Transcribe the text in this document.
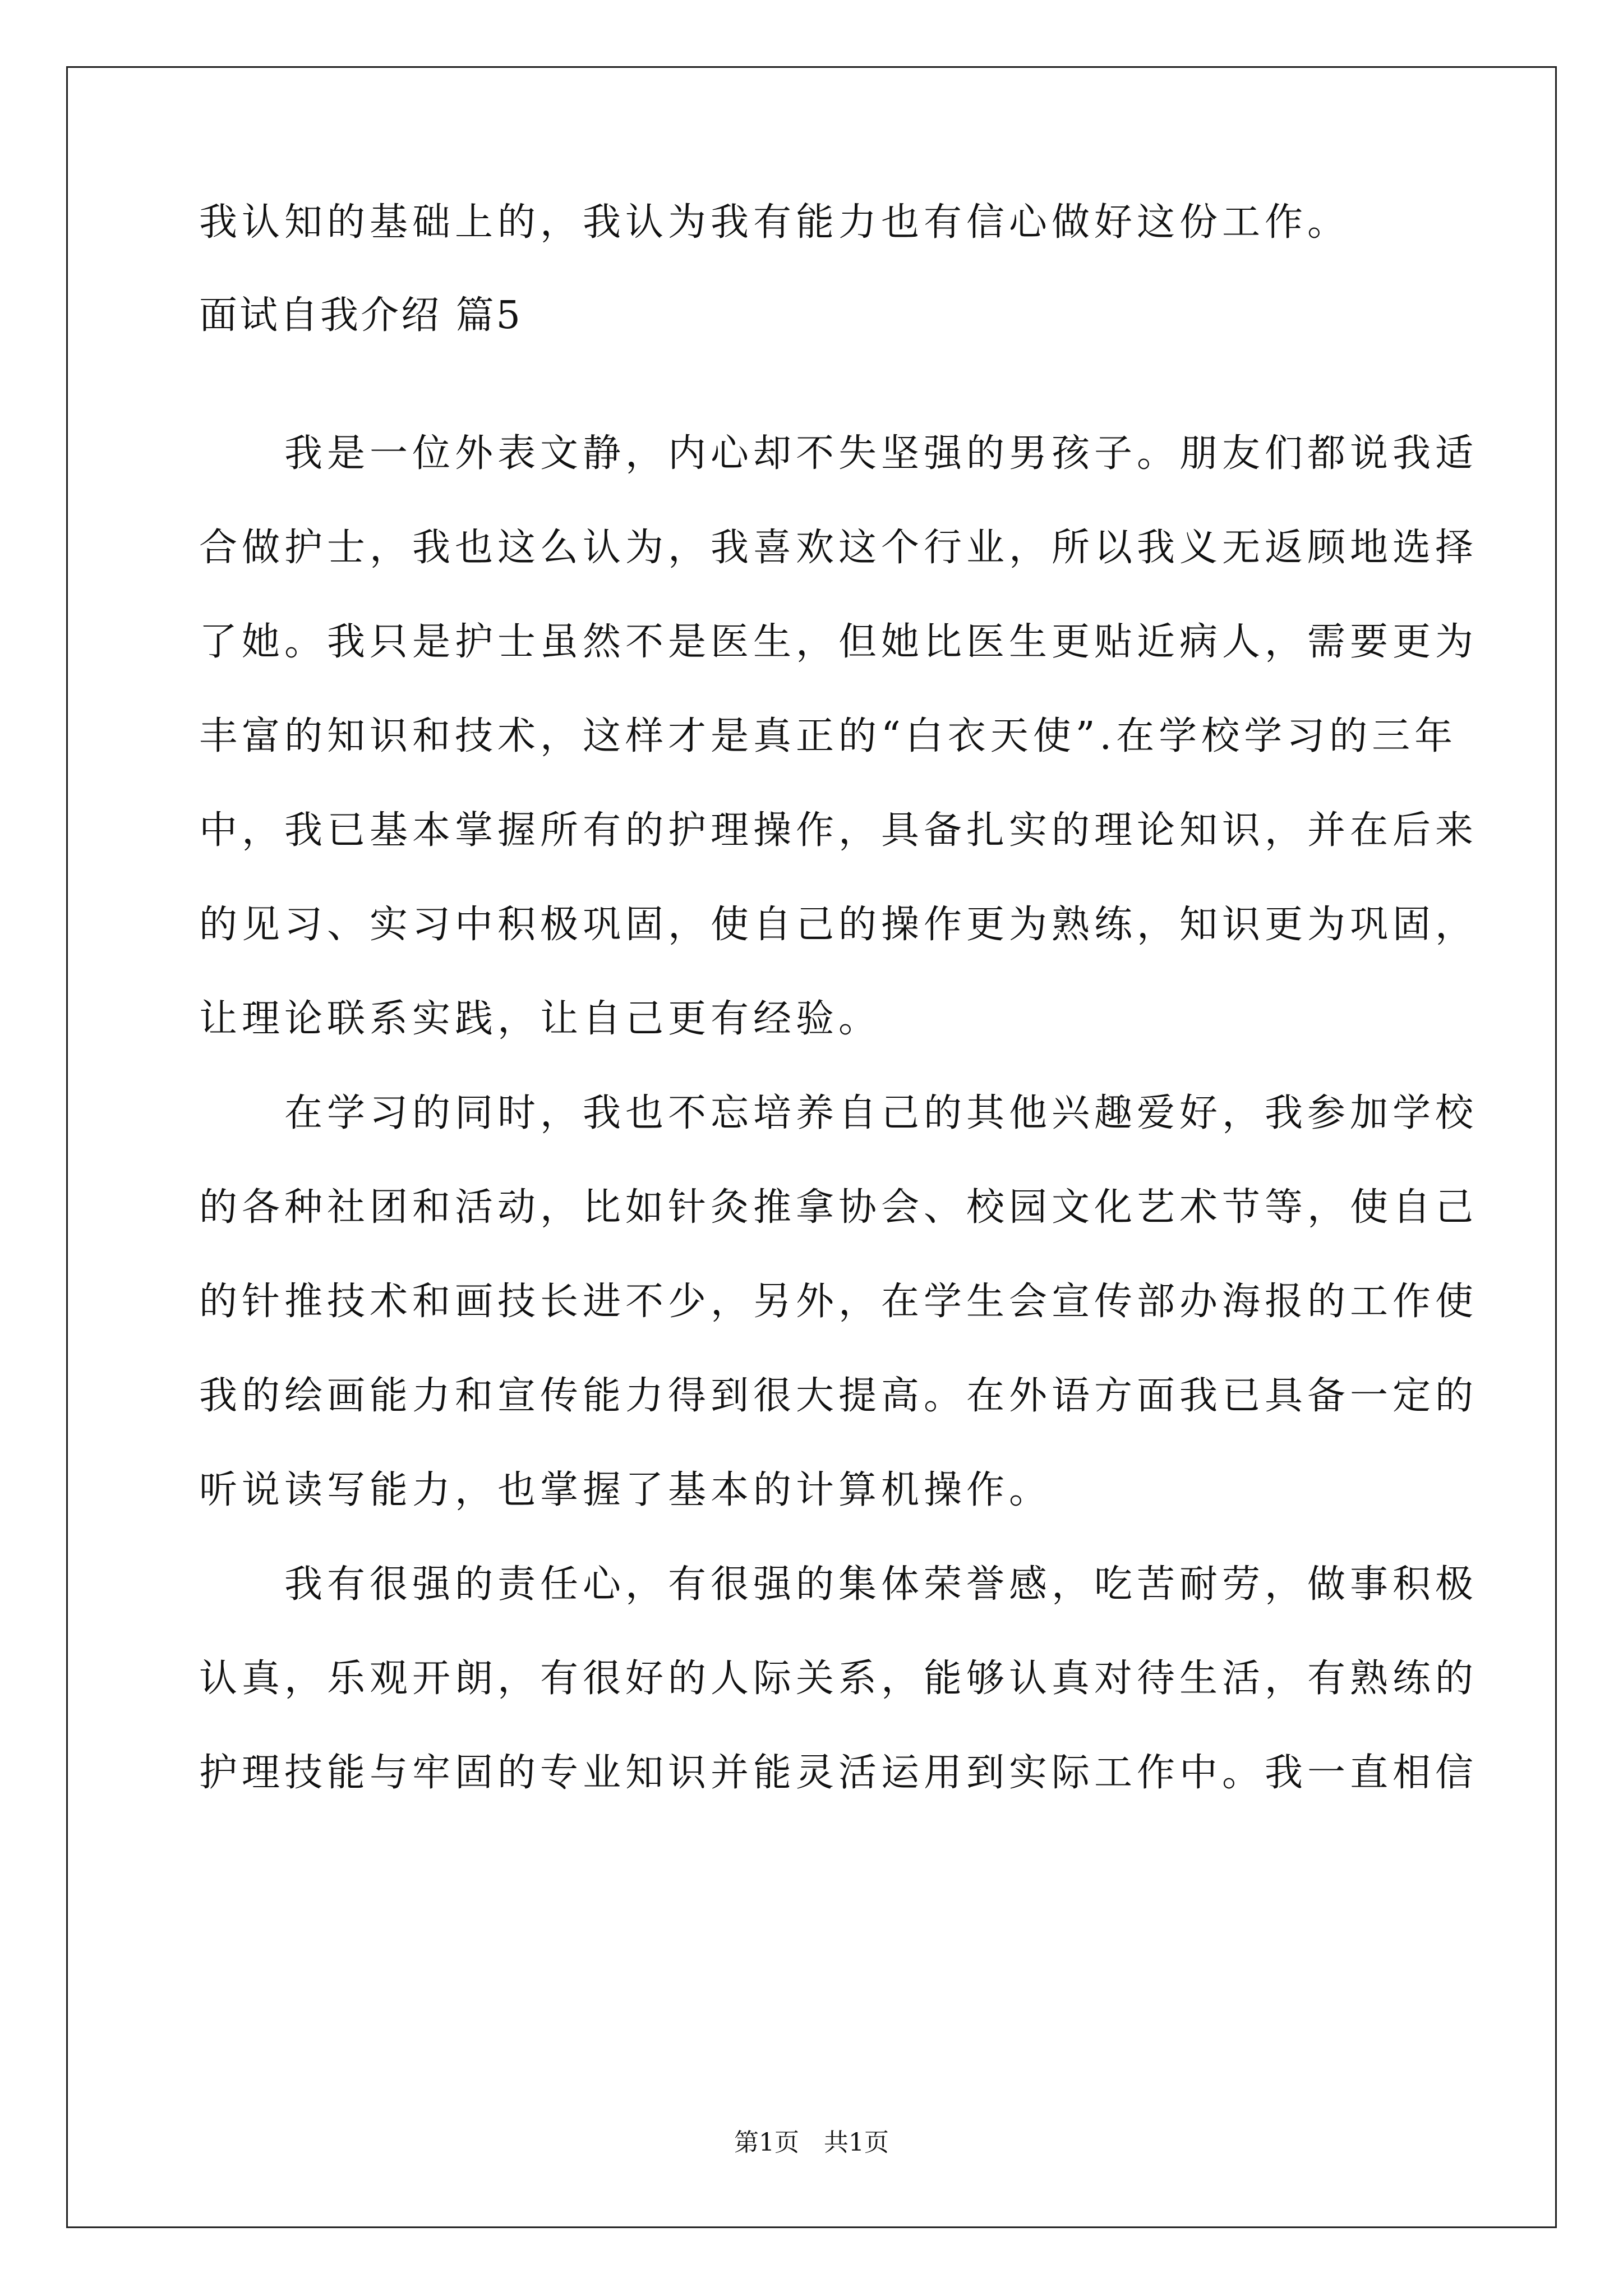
我认知的基础上的，我认为我有能力也有信心做好这份工作。

面试自我介绍 篇5

　　我是一位外表文静，内心却不失坚强的男孩子。朋友们都说我适

合做护士，我也这么认为，我喜欢这个行业，所以我义无返顾地选择

了她。我只是护士虽然不是医生，但她比医生更贴近病人，需要更为

丰富的知识和技术，这样才是真正的“白衣天使”.在学校学习的三年

中，我已基本掌握所有的护理操作，具备扎实的理论知识，并在后来

的见习、实习中积极巩固，使自己的操作更为熟练，知识更为巩固，

让理论联系实践，让自己更有经验。

　　在学习的同时，我也不忘培养自己的其他兴趣爱好，我参加学校

的各种社团和活动，比如针灸推拿协会、校园文化艺术节等，使自己

的针推技术和画技长进不少，另外，在学生会宣传部办海报的工作使

我的绘画能力和宣传能力得到很大提高。在外语方面我已具备一定的

听说读写能力，也掌握了基本的计算机操作。

　　我有很强的责任心，有很强的集体荣誉感，吃苦耐劳，做事积极

认真，乐观开朗，有很好的人际关系，能够认真对待生活，有熟练的

护理技能与牢固的专业知识并能灵活运用到实际工作中。我一直相信

第1页　共1页
